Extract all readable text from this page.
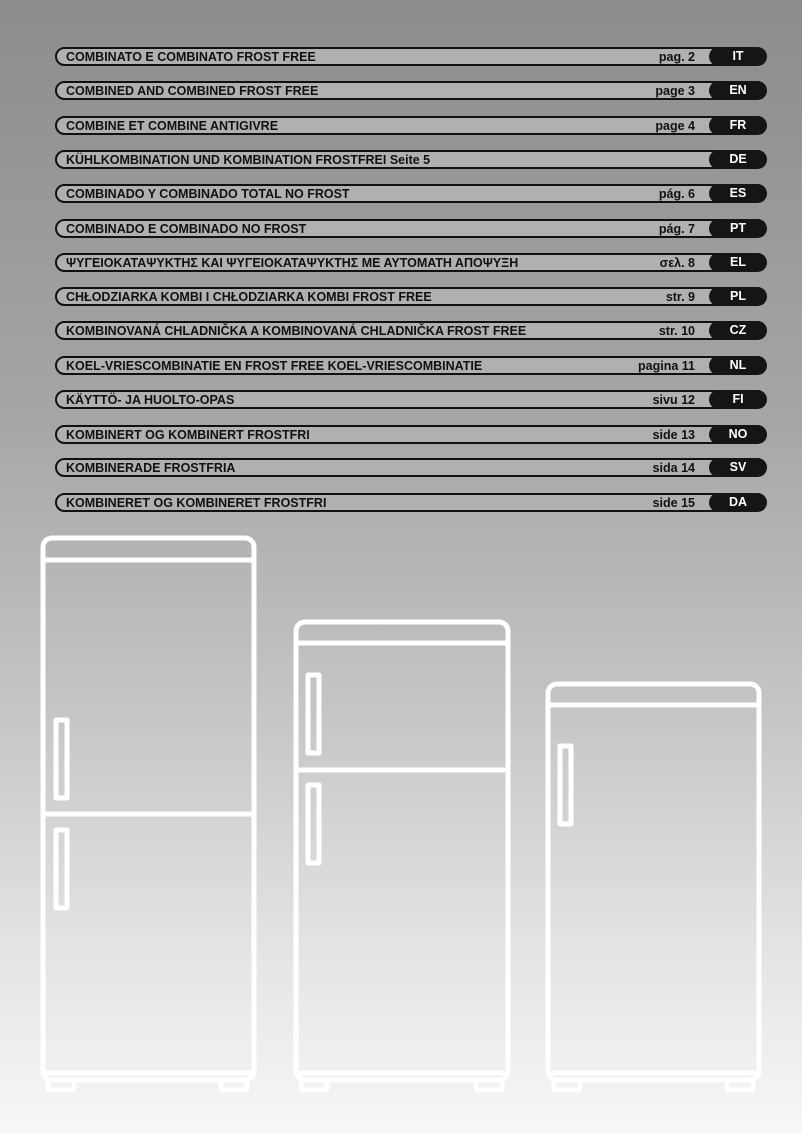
COMBINATO E COMBINATO FROST FREE	pag. 2	IT
COMBINED AND COMBINED FROST FREE	page 3	EN
COMBINE ET COMBINE ANTIGIVRE	page 4	FR
KÜHLKOMBINATION UND KOMBINATION FROSTFREI Seite 5	DE
COMBINADO Y COMBINADO TOTAL NO FROST	pág. 6	ES
COMBINADO E COMBINADO NO FROST	pág. 7	PT
ΨΥΓΕΙΟΚΑΤΑΨΥΚΤΗΣ ΚΑΙ ΨΥΓΕΙΟΚΑΤΑΨΥΚΤΗΣ ΜΕ ΑΥΤΟΜΑΤΗ ΑΠΟΨΥΞΗ	σελ. 8	EL
CHŁODZIARKA KOMBI I CHŁODZIARKA KOMBI FROST FREE	str. 9	PL
KOMBINOVANÁ CHLADNIČKA A KOMBINOVANÁ CHLADNIČKA FROST FREE	str. 10	CZ
KOEL-VRIESCOMBINATIE EN FROST FREE KOEL-VRIESCOMBINATIE	pagina 11	NL
KÄYTTÖ- JA HUOLTO-OPAS	sivu 12	FI
KOMBINERT OG KOMBINERT FROSTFRI	side 13	NO
KOMBINERADE FROSTFRIA	sida 14	SV
KOMBINERET OG KOMBINERET FROSTFRI	side 15	DA
